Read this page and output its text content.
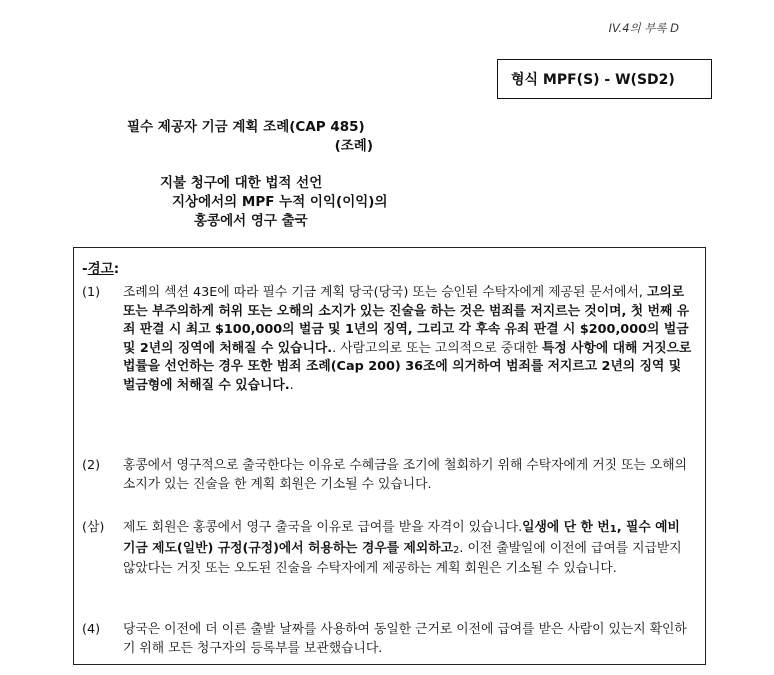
IV.4의 부록 D
형식 MPF(S) - W(SD2)
필수 제공자 기금 계획 조례(CAP 485)
(조례)
지불 청구에 대한 법적 선언
지상에서의 MPF 누적 이익(이익)의
홍콩에서 영구 출국
-경고:
(1)	조례의 섹션 43E에 따라 필수 기금 계획 당국(당국) 또는 승인된 수탁자에게 제공된 문서에서, 고의로 또는 부주의하게 허위 또는 오해의 소지가 있는 진술을 하는 것은 범죄를 저지르는 것이며, 첫 번째 유죄 판결 시 최고 $100,000의 벌금 및 1년의 징역, 그리고 각 후속 유죄 판결 시 $200,000의 벌금 및 2년의 징역에 처해질 수 있습니다.. 사람고의로 또는 고의적으로 중대한 특정 사항에 대해 거짓으로 법률을 선언하는 경우 또한 범죄 조례(Cap 200) 36조에 의거하여 범죄를 저지르고 2년의 징역 및 벌금형에 처해질 수 있습니다..
(2)	홍콩에서 영구적으로 출국한다는 이유로 수혜금을 조기에 철회하기 위해 수탁자에게 거짓 또는 오해의 소지가 있는 진술을 한 계획 회원은 기소될 수 있습니다.
(삼)	제도 회원은 홍콩에서 영구 출국을 이유로 급여를 받을 자격이 있습니다.일생에 단 한 번1, 필수 예비 기금 제도(일반) 규정(규정)에서 허용하는 경우를 제외하고2. 이전 출발일에 이전에 급여를 지급받지 않았다는 거짓 또는 오도된 진술을 수탁자에게 제공하는 계획 회원은 기소될 수 있습니다.
(4)	당국은 이전에 더 이른 출발 날짜를 사용하여 동일한 근거로 이전에 급여를 받은 사람이 있는지 확인하기 위해 모든 청구자의 등록부를 보관했습니다.
